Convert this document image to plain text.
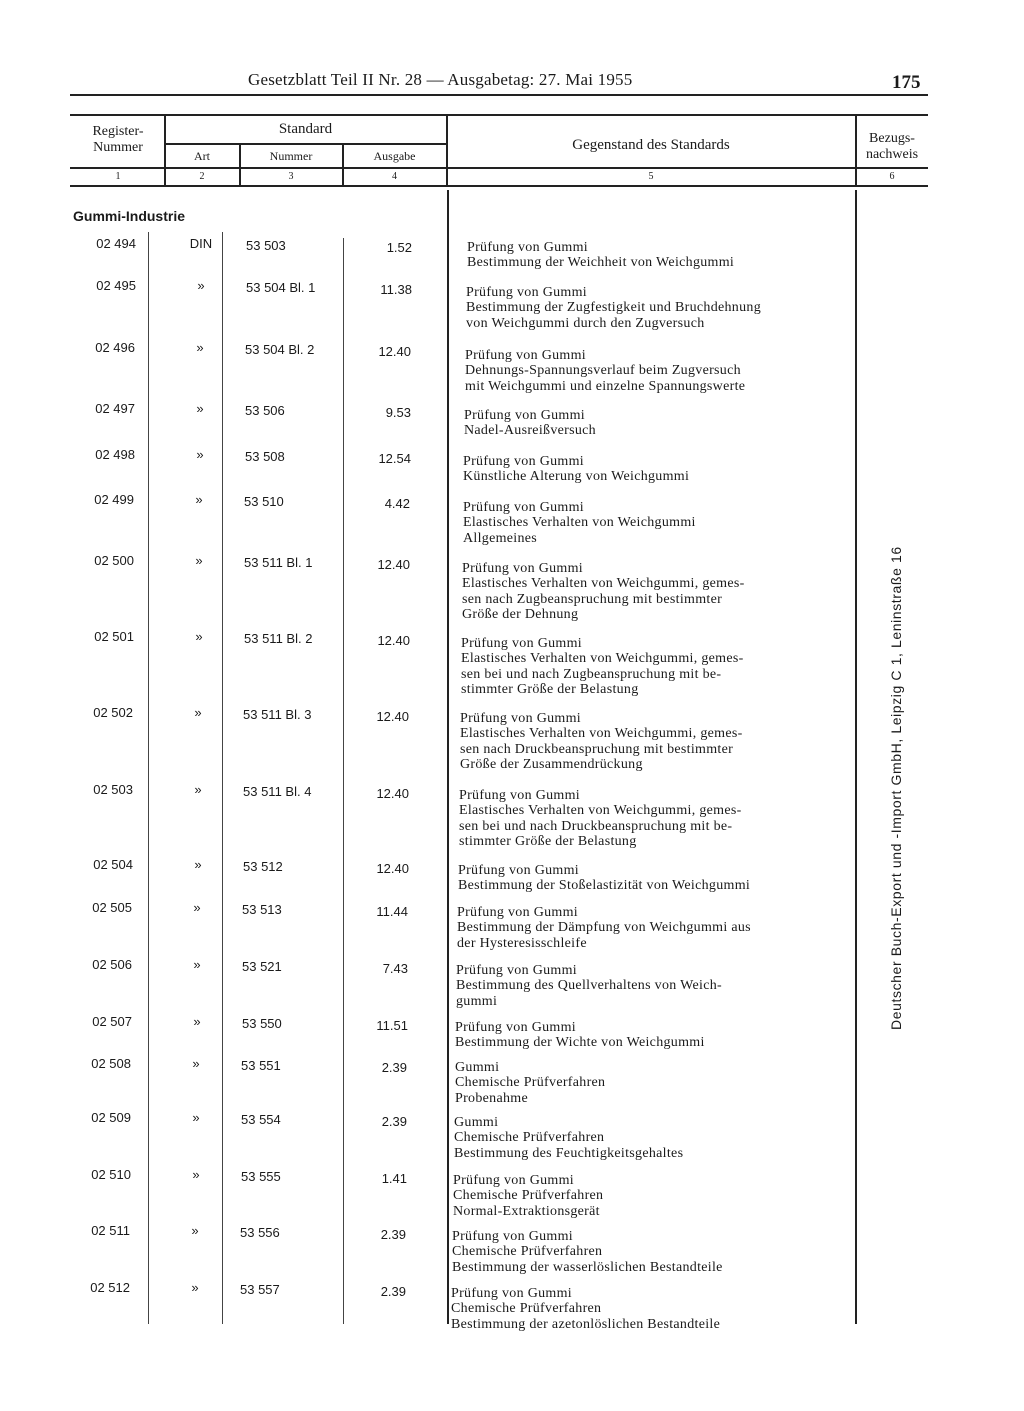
Gesetzblatt Teil II Nr. 28 — Ausgabetag: 27. Mai 1955	175
Register-
Nummer
Standard
Art	Nummer	Ausgabe
Gegenstand des Standards	Bezugs-
nachweis
1	2	3	4	5	6
Gummi-Industrie
02 494	DIN	53 503	1.52	Prüfung von Gummi
Bestimmung der Weichheit von Weichgummi
02 495	»	53 504 Bl. 1	11.38	Prüfung von Gummi
Bestimmung der Zugfestigkeit und Bruchdehnung
von Weichgummi durch den Zugversuch
02 496	»	53 504 Bl. 2	12.40	Prüfung von Gummi
Dehnungs-Spannungsverlauf beim Zugversuch
mit Weichgummi und einzelne Spannungswerte
02 497	»	53 506	9.53	Prüfung von Gummi
Nadel-Ausreißversuch
02 498	»	53 508	12.54	Prüfung von Gummi
Künstliche Alterung von Weichgummi
02 499	»	53 510	4.42	Prüfung von Gummi
Elastisches Verhalten von Weichgummi
Allgemeines
02 500	»	53 511 Bl. 1	12.40	Prüfung von Gummi
Elastisches Verhalten von Weichgummi, gemes-
sen nach Zugbeanspruchung mit bestimmter
Größe der Dehnung
02 501	»	53 511 Bl. 2	12.40	Prüfung von Gummi
Elastisches Verhalten von Weichgummi, gemes-
sen bei und nach Zugbeanspruchung mit be-
stimmter Größe der Belastung
02 502	»	53 511 Bl. 3	12.40	Prüfung von Gummi
Elastisches Verhalten von Weichgummi, gemes-
sen nach Druckbeanspruchung mit bestimmter
Größe der Zusammendrückung
02 503	»	53 511 Bl. 4	12.40	Prüfung von Gummi
Elastisches Verhalten von Weichgummi, gemes-
sen bei und nach Druckbeanspruchung mit be-
stimmter Größe der Belastung
02 504	»	53 512	12.40	Prüfung von Gummi
Bestimmung der Stoßelastizität von Weichgummi
02 505	»	53 513	11.44	Prüfung von Gummi
Bestimmung der Dämpfung von Weichgummi aus
der Hysteresisschleife
02 506	»	53 521	7.43	Prüfung von Gummi
Bestimmung des Quellverhaltens von Weich-
gummi
02 507	»	53 550	11.51	Prüfung von Gummi
Bestimmung der Wichte von Weichgummi
02 508	»	53 551	2.39	Gummi
Chemische Prüfverfahren
Probenahme
02 509	»	53 554	2.39	Gummi
Chemische Prüfverfahren
Bestimmung des Feuchtigkeitsgehaltes
02 510	»	53 555	1.41	Prüfung von Gummi
Chemische Prüfverfahren
Normal-Extraktionsgerät
02 511	»	53 556	2.39	Prüfung von Gummi
Chemische Prüfverfahren
Bestimmung der wasserlöslichen Bestandteile
02 512	»	53 557	2.39	Prüfung von Gummi
Chemische Prüfverfahren
Bestimmung der azetonlöslichen Bestandteile
Deutscher Buch-Export und -Import GmbH, Leipzig C 1, Leninstraße 16
